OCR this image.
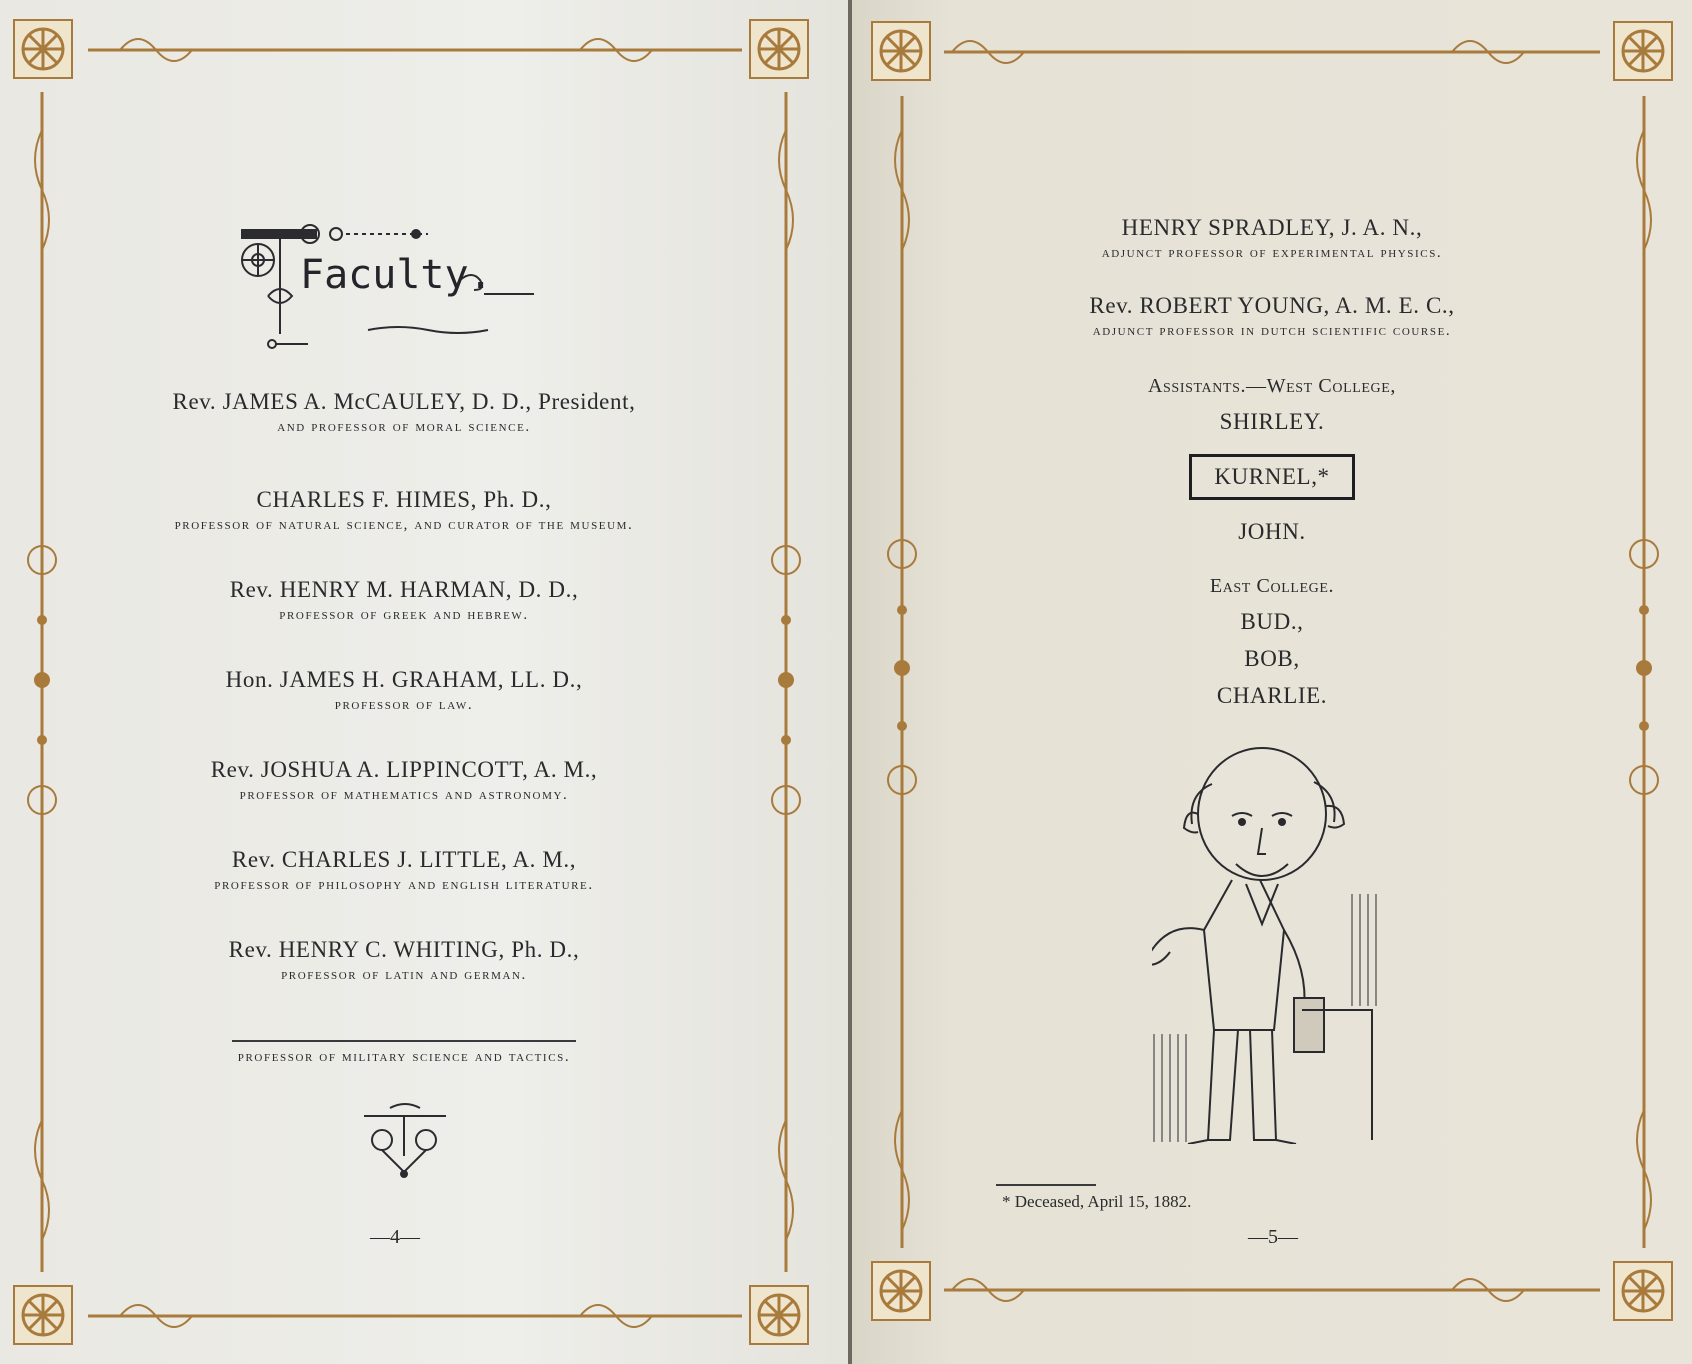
Faculty.
Rev. JAMES A. McCAULEY, D. D., President,
and professor of moral science.
CHARLES F. HIMES, Ph. D.,
professor of natural science, and curator of the museum.
Rev. HENRY M. HARMAN, D. D.,
professor of greek and hebrew.
Hon. JAMES H. GRAHAM, LL. D.,
professor of law.
Rev. JOSHUA A. LIPPINCOTT, A. M.,
professor of mathematics and astronomy.
Rev. CHARLES J. LITTLE, A. M.,
professor of philosophy and english literature.
Rev. HENRY C. WHITING, Ph. D.,
professor of latin and german.
professor of military science and tactics.
—4—
HENRY SPRADLEY, J. A. N.,
adjunct professor of experimental physics.
Rev. ROBERT YOUNG, A. M. E. C.,
adjunct professor in dutch scientific course.
Assistants.—West College,
SHIRLEY.
KURNEL,*
JOHN.
East College.
BUD.,
BOB,
CHARLIE.
* Deceased, April 15, 1882.
—5—
